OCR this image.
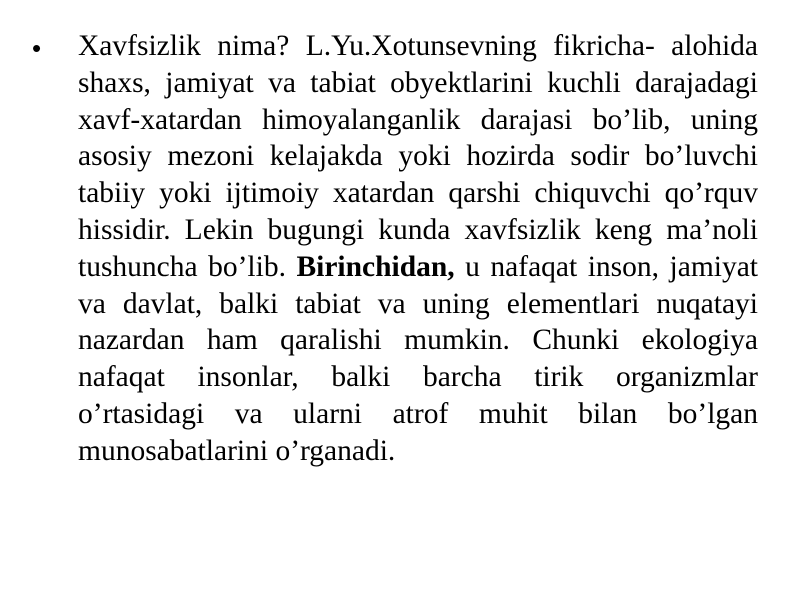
•	Xavfsizlik nima? L.Yu.Xotunsevning fikricha- alohida shaxs, jamiyat va tabiat obyektlarini kuchli darajadagi xavf-xatardan himoyalanganlik darajasi bo’lib, uning asosiy mezoni kelajakda yoki hozirda sodir bo’luvchi tabiiy yoki ijtimoiy xatardan qarshi chiquvchi qo’rquv hissidir. Lekin bugungi kunda xavfsizlik keng ma’noli tushuncha bo’lib. Birinchidan, u nafaqat inson, jamiyat va davlat, balki tabiat va uning elementlari nuqatayi nazardan ham qaralishi mumkin. Chunki ekologiya nafaqat insonlar, balki barcha tirik organizmlar o’rtasidagi va ularni atrof muhit bilan bo’lgan munosabatlarini o’rganadi.
